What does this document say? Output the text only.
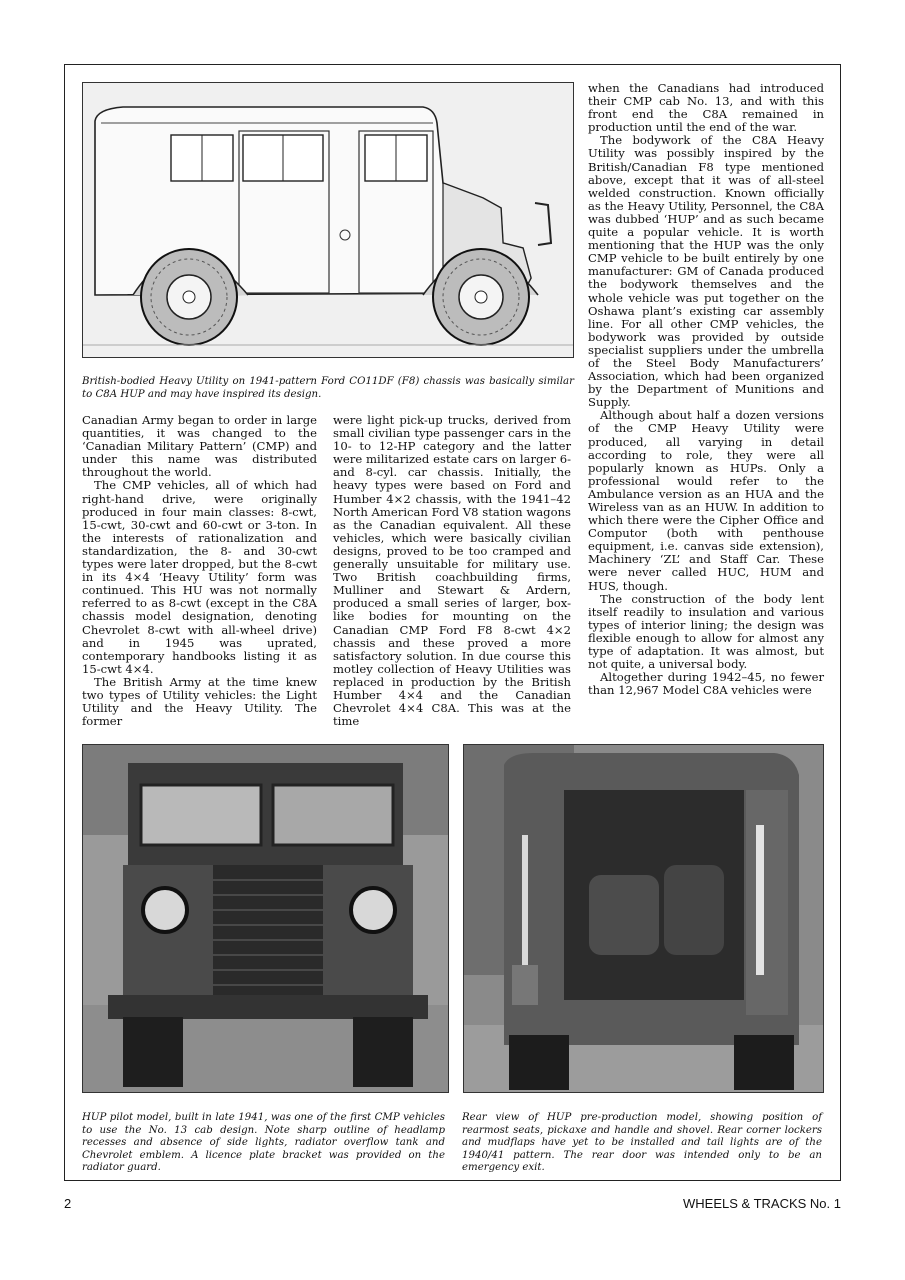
British-bodied Heavy Utility on 1941-pattern Ford CO11DF (F8) chassis was basically similar to C8A HUP and may have inspired its design.

Canadian Army began to order in large quantities, it was changed to the ‘Canadian Military Pattern’ (CMP) and under this name was distributed throughout the world.

The CMP vehicles, all of which had right-hand drive, were originally produced in four main classes: 8-cwt, 15-cwt, 30-cwt and 60-cwt or 3-ton. In the interests of rationalization and standardization, the 8- and 30-cwt types were later dropped, but the 8-cwt in its 4×4 ‘Heavy Utility’ form was continued. This HU was not normally referred to as 8-cwt (except in the C8A chassis model designation, denoting Chevrolet 8-cwt with all-wheel drive) and in 1945 was uprated, contemporary handbooks listing it as 15-cwt 4×4.

The British Army at the time knew two types of Utility vehicles: the Light Utility and the Heavy Utility. The former

were light pick-up trucks, derived from small civilian type passenger cars in the 10- to 12-HP category and the latter were militarized estate cars on larger 6- and 8-cyl. car chassis. Initially, the heavy types were based on Ford and Humber 4×2 chassis, with the 1941–42 North American Ford V8 station wagons as the Canadian equivalent. All these vehicles, which were basically civilian designs, proved to be too cramped and generally unsuitable for military use. Two British coachbuilding firms, Mulliner and Stewart & Ardern, produced a small series of larger, box-like bodies for mounting on the Canadian CMP Ford F8 8-cwt 4×2 chassis and these proved a more satisfactory solution. In due course this motley collection of Heavy Utilities was replaced in production by the British Humber 4×4 and the Canadian Chevrolet 4×4 C8A. This was at the time

when the Canadians had introduced their CMP cab No. 13, and with this front end the C8A remained in production until the end of the war.

The bodywork of the C8A Heavy Utility was possibly inspired by the British/Canadian F8 type mentioned above, except that it was of all-steel welded construction. Known officially as the Heavy Utility, Personnel, the C8A was dubbed ‘HUP’ and as such became quite a popular vehicle. It is worth mentioning that the HUP was the only CMP vehicle to be built entirely by one manufacturer: GM of Canada produced the bodywork themselves and the whole vehicle was put together on the Oshawa plant’s existing car assembly line. For all other CMP vehicles, the bodywork was provided by outside specialist suppliers under the umbrella of the Steel Body Manufacturers’ Association, which had been organized by the Department of Munitions and Supply.

Although about half a dozen versions of the CMP Heavy Utility were produced, all varying in detail according to role, they were all popularly known as HUPs. Only a professional would refer to the Ambulance version as an HUA and the Wireless van as an HUW. In addition to which there were the Cipher Office and Computor (both with penthouse equipment, i.e. canvas side extension), Machinery ‘ZL’ and Staff Car. These were never called HUC, HUM and HUS, though.

The construction of the body lent itself readily to insulation and various types of interior lining; the design was flexible enough to allow for almost any type of adaptation. It was almost, but not quite, a universal body.

Altogether during 1942–45, no fewer than 12,967 Model C8A vehicles were

HUP pilot model, built in late 1941, was one of the first CMP vehicles to use the No. 13 cab design. Note sharp outline of headlamp recesses and absence of side lights, radiator overflow tank and Chevrolet emblem. A licence plate bracket was provided on the radiator guard.
Rear view of HUP pre-production model, showing position of rearmost seats, pickaxe and handle and shovel. Rear corner lockers and mudflaps have yet to be installed and tail lights are of the 1940/41 pattern. The rear door was intended only to be an emergency exit.
2	WHEELS & TRACKS No. 1
